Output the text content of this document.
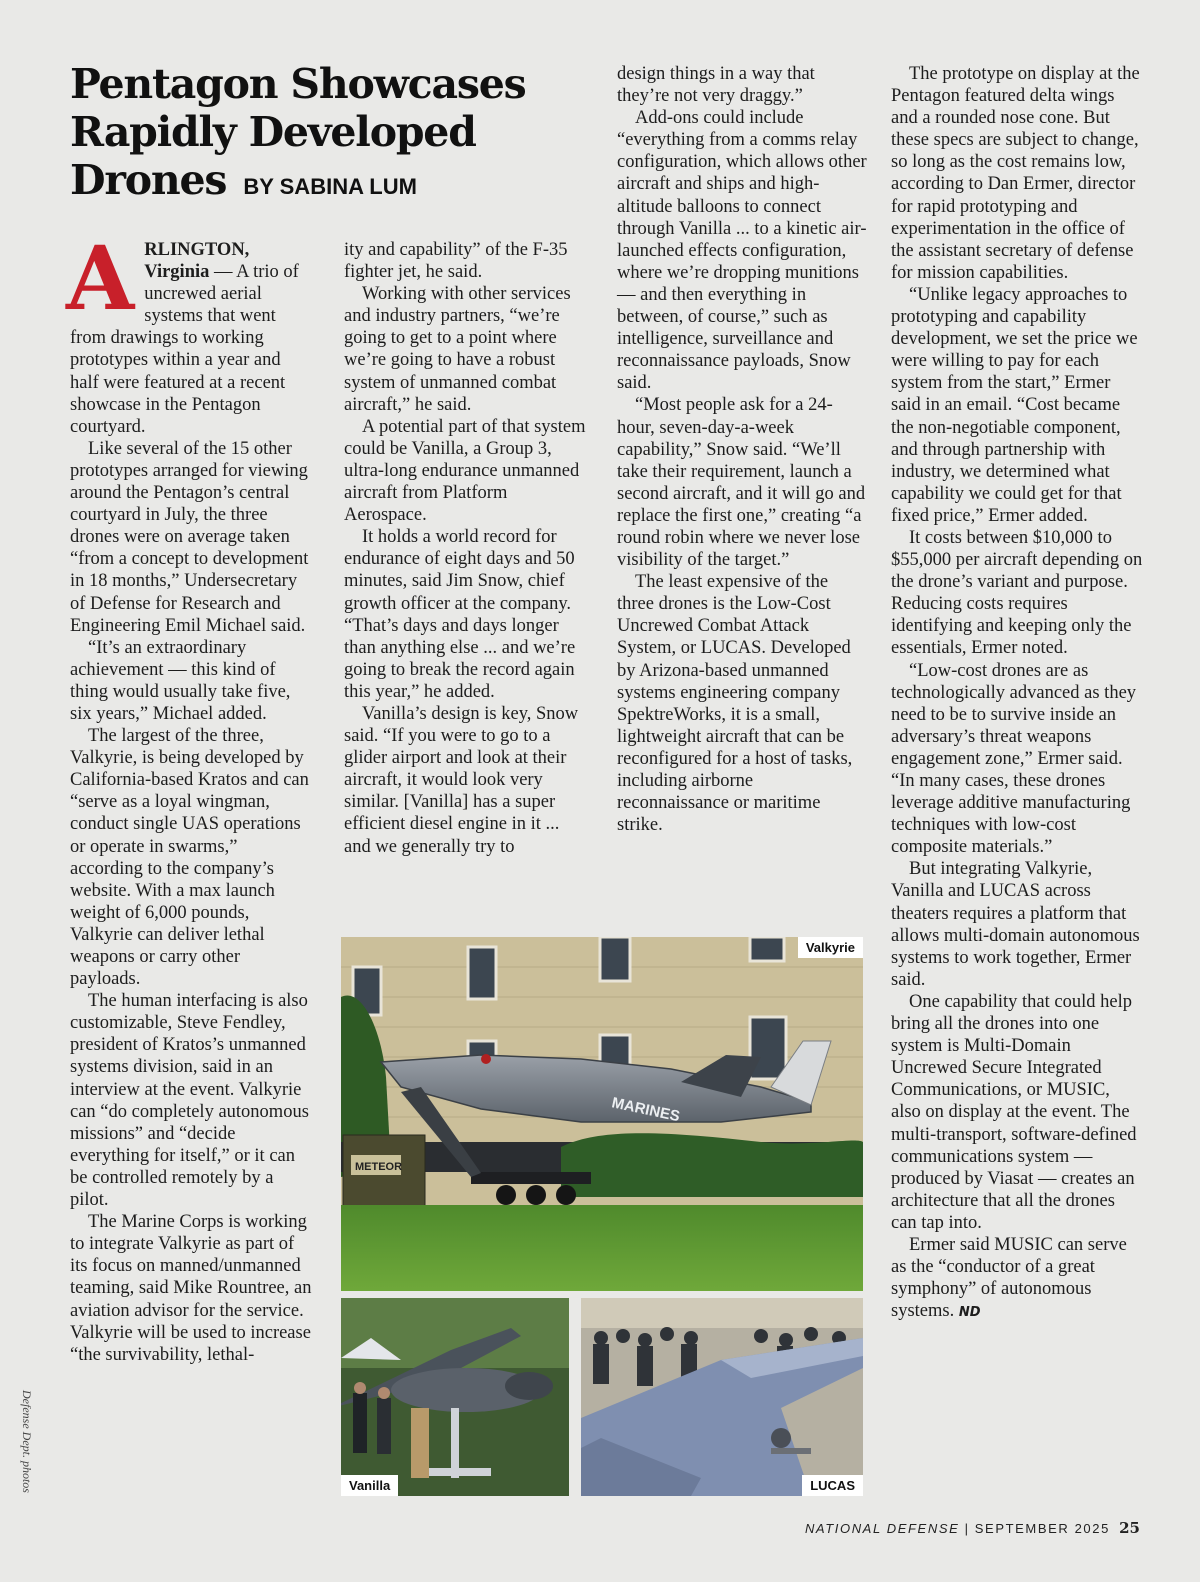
Pentagon Showcases Rapidly Developed Drones BY SABINA LUM

ARLINGTON, Virginia — A trio of uncrewed aerial systems that went from drawings to working prototypes within a year and half were featured at a recent showcase in the Pentagon courtyard.

Like several of the 15 other prototypes arranged for viewing around the Pentagon’s central courtyard in July, the three drones were on average taken “from a concept to development in 18 months,” Undersecretary of Defense for Research and Engineering Emil Michael said.

“It’s an extraordinary achievement — this kind of thing would usually take five, six years,” Michael added.

The largest of the three, Valkyrie, is being developed by California-based Kratos and can “serve as a loyal wingman, conduct single UAS operations or operate in swarms,” according to the company’s website. With a max launch weight of 6,000 pounds, Valkyrie can deliver lethal weapons or carry other payloads.

The human interfacing is also customizable, Steve Fendley, president of Kratos’s unmanned systems division, said in an interview at the event. Valkyrie can “do completely autonomous missions” and “decide everything for itself,” or it can be controlled remotely by a pilot.

The Marine Corps is working to integrate Valkyrie as part of its focus on manned/unmanned teaming, said Mike Rountree, an aviation advisor for the service. Valkyrie will be used to increase “the survivability, lethal-

ity and capability” of the F-35 fighter jet, he said.

Working with other services and industry partners, “we’re going to get to a point where we’re going to have a robust system of unmanned combat aircraft,” he said.

A potential part of that system could be Vanilla, a Group 3, ultra-long endurance unmanned aircraft from Platform Aerospace.

It holds a world record for endurance of eight days and 50 minutes, said Jim Snow, chief growth officer at the company. “That’s days and days longer than anything else ... and we’re going to break the record again this year,” he added.

Vanilla’s design is key, Snow said. “If you were to go to a glider airport and look at their aircraft, it would look very similar. [Vanilla] has a super efficient diesel engine in it ... and we generally try to

design things in a way that they’re not very draggy.”

Add-ons could include “everything from a comms relay configuration, which allows other aircraft and ships and high-altitude balloons to connect through Vanilla ... to a kinetic air-launched effects configuration, where we’re dropping munitions — and then everything in between, of course,” such as intelligence, surveillance and reconnaissance payloads, Snow said.

“Most people ask for a 24-hour, seven-day-a-week capability,” Snow said. “We’ll take their requirement, launch a second aircraft, and it will go and replace the first one,” creating “a round robin where we never lose visibility of the target.”

The least expensive of the three drones is the Low-Cost Uncrewed Combat Attack System, or LUCAS. Developed by Arizona-based unmanned systems engineering company SpektreWorks, it is a small, lightweight aircraft that can be reconfigured for a host of tasks, including airborne reconnaissance or maritime strike.

The prototype on display at the Pentagon featured delta wings and a rounded nose cone. But these specs are subject to change, so long as the cost remains low, according to Dan Ermer, director for rapid prototyping and experimentation in the office of the assistant secretary of defense for mission capabilities.

“Unlike legacy approaches to prototyping and capability development, we set the price we were willing to pay for each system from the start,” Ermer said in an email. “Cost became the non-negotiable component, and through partnership with industry, we determined what capability we could get for that fixed price,” Ermer added.

It costs between $10,000 to $55,000 per aircraft depending on the drone’s variant and purpose. Reducing costs requires identifying and keeping only the essentials, Ermer noted.

“Low-cost drones are as technologically advanced as they need to be to survive inside an adversary’s threat weapons engagement zone,” Ermer said. “In many cases, these drones leverage additive manufacturing techniques with low-cost composite materials.”

But integrating Valkyrie, Vanilla and LUCAS across theaters requires a platform that allows multi-domain autonomous systems to work together, Ermer said.

One capability that could help bring all the drones into one system is Multi-Domain Uncrewed Secure Integrated Communications, or MUSIC, also on display at the event. The multi-transport, software-defined communications system — produced by Viasat — creates an architecture that all the drones can tap into.

Ermer said MUSIC can serve as the “conductor of a great symphony” of autonomous systems. ND

METEOR
MARINES
Valkyrie
Vanilla	LUCAS
Defense Dept. photos
NATIONAL DEFENSE | SEPTEMBER 2025 25
